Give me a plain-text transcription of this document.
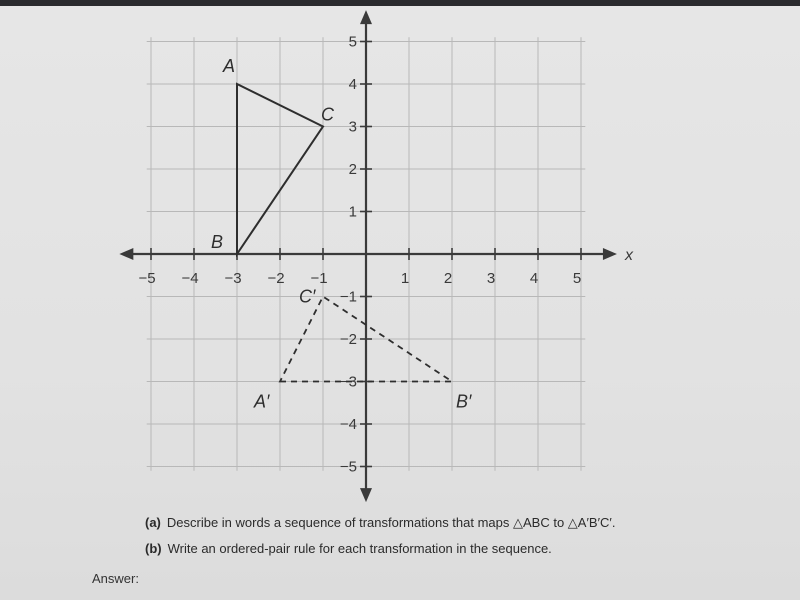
x
−5 −4 −3 −2 −1	1 2 3 4 5
5
4
3
2
1
−1
−2
−3
−4
−5
A
B
C
A′	B′
C′
(a) Describe in words a sequence of transformations that maps △ABC to △A′B′C′.
(b) Write an ordered-pair rule for each transformation in the sequence.
Answer:
